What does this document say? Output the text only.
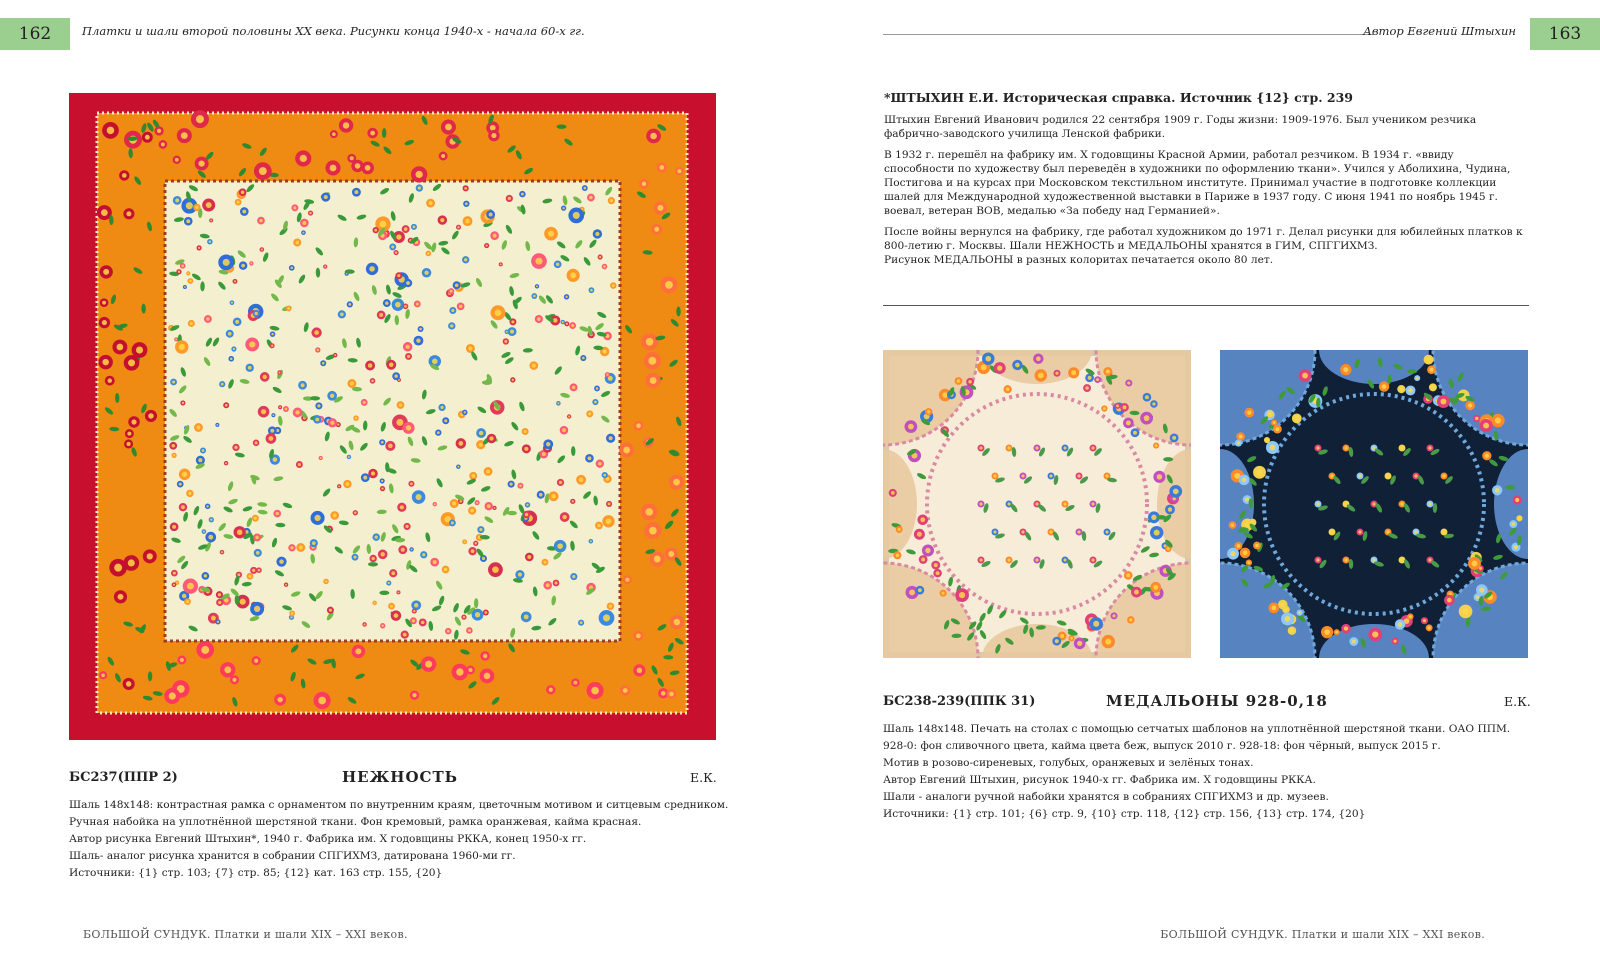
162	Платки и шали второй половины XX века. Рисунки конца 1940-х - начала 60-х гг.
БС237 (ППР 2)	НЕЖНОСТЬ	Е.К.
Шаль 148х148: контрастная рамка с орнаментом по внутренним краям, цветочным мотивом и ситцевым средником.
Ручная набойка на уплотнённой шерстяной ткани. Фон кремовый, рамка оранжевая, кайма красная.
Автор рисунка Евгений Штыхин*, 1940 г. Фабрика им. Х годовщины РККА, конец 1950-х гг.
Шаль- аналог рисунка хранится в собрании СПГИХМЗ, датирована 1960-ми гг.
Источники: {1} стр. 103; {7} стр. 85; {12} кат. 163 стр. 155, {20}
БОЛЬШОЙ СУНДУК. Платки и шали XIX – XXI веков.
Автор Евгений Штыхин	163
*ШТЫХИН Е.И. Историческая справка. Источник {12} стр. 239

Штыхин Евгений Иванович родился 22 сентября 1909 г. Годы жизни: 1909-1976. Был учеником резчика фабрично-заводского училища Ленской фабрики.

В 1932 г. перешёл на фабрику им. Х годовщины Красной Армии, работал резчиком. В 1934 г. «ввиду способности по художеству был переведён в художники по оформлению ткани». Учился у Аболихина, Чудина, Постигова и на курсах при Московском текстильном институте. Принимал участие в подготовке коллекции шалей для Международной художественной выставки в Париже в 1937 году. С июня 1941 по ноябрь 1945 г. воевал, ветеран ВОВ, медалью «За победу над Германией».

После войны вернулся на фабрику, где работал художником до 1971 г. Делал рисунки для юбилейных платков к 800-летию г. Москвы. Шали НЕЖНОСТЬ и МЕДАЛЬОНЫ хранятся в ГИМ, СПГГИХМЗ.

Рисунок МЕДАЛЬОНЫ в разных колоритах печатается около 80 лет.

БС238-239 (ППК 31)	МЕДАЛЬОНЫ 928-0,18	Е.К.
Шаль 148х148. Печать на столах с помощью сетчатых шаблонов на уплотнённой шерстяной ткани. ОАО ППМ.
928-0: фон сливочного цвета, кайма цвета беж, выпуск 2010 г. 928-18: фон чёрный, выпуск 2015 г.
Мотив в розово-сиреневых, голубых, оранжевых и зелёных тонах.
Автор Евгений Штыхин, рисунок 1940-х гг. Фабрика им. Х годовщины РККА.
Шали - аналоги ручной набойки хранятся в собраниях СПГИХМЗ и др. музеев.
Источники: {1} стр. 101; {6} стр. 9, {10} стр. 118, {12} стр. 156, {13} стр. 174, {20}
БОЛЬШОЙ СУНДУК. Платки и шали XIX – XXI веков.
